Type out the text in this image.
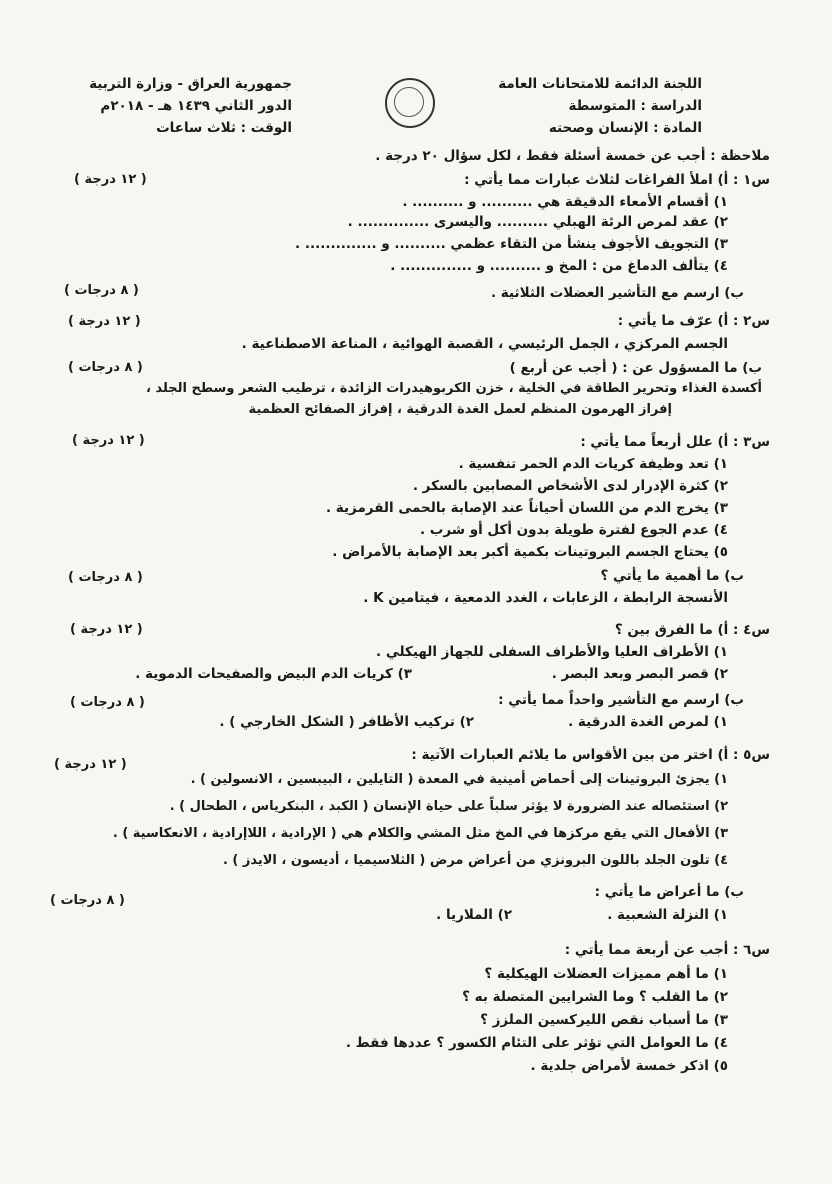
اللجنة الدائمة للامتحانات العامة
الدراسة : المتوسطة
المادة : الإنسان وصحته
جمهورية العراق - وزارة التربية
الدور الثاني ١٤٣٩ هـ - ٢٠١٨م
الوقت : ثلاث ساعات
ملاحظة : أجب عن خمسة أسئلة فقط ، لكل سؤال ٢٠ درجة .
س١ : أ) املأ الفراغات لثلاث عبارات مما يأتي :
١) أقسام الأمعاء الدقيقة هي .......... و .......... .
٢) عقد لمرص الرئة الهبلي .......... واليسرى .............. .
٣) التجويف الأجوف ينشأ من التقاء عظمي .......... و .............. .
٤) يتألف الدماغ من : المخ و .......... و .............. .
ب) ارسم مع التأشير العضلات الثلاثية .
س٢ : أ) عرّف ما يأتي :
الجسم المركزي ، الجمل الرئيسي ، القصبة الهوائية ، المناعة الاصطناعية .
ب) ما المسؤول عن : ( أجب عن أربع )
أكسدة الغذاء وتحرير الطاقة في الخلية ، خزن الكربوهيدرات الزائدة ، ترطيب الشعر وسطح الجلد ،
إفراز الهرمون المنظم لعمل الغدة الدرقية ، إفراز الصفائح العظمية
س٣ : أ) علل أربعاً مما يأتي :
١) تعد وظيفة كريات الدم الحمر تنفسية .
٢) كثرة الإدرار لدى الأشخاص المصابين بالسكر .
٣) يخرج الدم من اللسان أحياناً عند الإصابة بالحمى القرمزية .
٤) عدم الجوع لفترة طويلة بدون أكل أو شرب .
٥) يحتاج الجسم البروتينات بكمية أكبر بعد الإصابة بالأمراض .
ب) ما أهمية ما يأتي ؟
الأنسجة الرابطة ، الزعابات ، الغدد الدمعية ، فيتامين K .
س٤ : أ) ما الفرق بين ؟
١) الأطراف العليا والأطراف السفلى للجهاز الهيكلي .
٢) قصر البصر وبعد البصر .
٣) كريات الدم البيض والصفيحات الدموية .
ب) ارسم مع التأشير واحداً مما يأتي :
١) لمرص الغدة الدرقية .
٢) تركيب الأظافر ( الشكل الخارجي ) .
س٥ : أ) اختر من بين الأقواس ما يلائم العبارات الآتية :
١) يجزئ البروتينات إلى أحماض أمينية في المعدة ( التايلين ، البيبسين ، الانسولين ) .
٢) استئصاله عند الضرورة لا يؤثر سلباً على حياة الإنسان ( الكبد ، البنكرياس ، الطحال ) .
٣) الأفعال التي يقع مركزها في المخ مثل المشي والكلام هي ( الإرادية ، اللاإرادية ، الانعكاسية ) .
٤) تلون الجلد باللون البرونزي من أعراض مرض ( الثلاسيميا ، أديسون ، الايدز ) .
ب) ما أعراض ما يأتي :
١) النزلة الشعبية .
٢) الملاريا .
س٦ : أجب عن أربعة مما يأتي :
١) ما أهم مميزات العضلات الهيكلية ؟
٢) ما القلب ؟ وما الشرايين المتصلة به ؟
٣) ما أسباب نقص الليركسين الملزز ؟
٤) ما العوامل التي تؤثر على التئام الكسور ؟ عددها فقط .
٥) اذكر خمسة لأمراض جلدية .
( ١٢ درجة )
( ٨ درجات )
( ١٢ درجة )
( ٨ درجات )
( ١٢ درجة )
( ٨ درجات )
( ١٢ درجة )
( ٨ درجات )
( ١٢ درجة )
( ٨ درجات )
